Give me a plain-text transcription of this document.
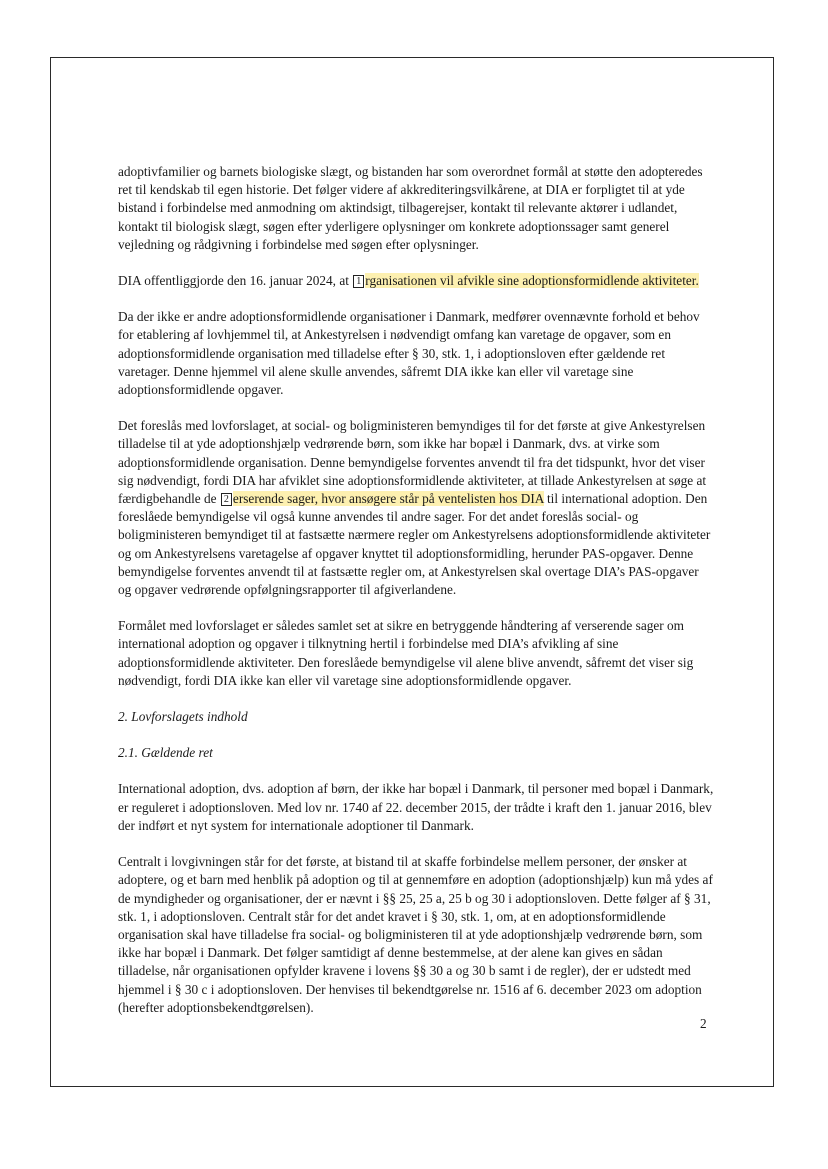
adoptivfamilier og barnets biologiske slægt, og bistanden har som overordnet formål at støtte den adopteredes ret til kendskab til egen historie. Det følger videre af akkrediteringsvilkårene, at DIA er forpligtet til at yde bistand i forbindelse med anmodning om aktindsigt, tilbagerejser, kontakt til relevante aktører i udlandet, kontakt til biologisk slægt, søgen efter yderligere oplysninger om konkrete adoptionssager samt generel vejledning og rådgivning i forbindelse med søgen efter oplysninger.

DIA offentliggjorde den 16. januar 2024, at 1 rganisationen vil afvikle sine adoptionsformidlende aktiviteter.

Da der ikke er andre adoptionsformidlende organisationer i Danmark, medfører ovennævnte forhold et behov for etablering af lovhjemmel til, at Ankestyrelsen i nødvendigt omfang kan varetage de opgaver, som en adoptionsformidlende organisation med tilladelse efter § 30, stk. 1, i adoptionsloven efter gældende ret varetager. Denne hjemmel vil alene skulle anvendes, såfremt DIA ikke kan eller vil varetage sine adoptionsformidlende opgaver.

Det foreslås med lovforslaget, at social- og boligministeren bemyndiges til for det første at give Ankestyrelsen tilladelse til at yde adoptionshjælp vedrørende børn, som ikke har bopæl i Danmark, dvs. at virke som adoptionsformidlende organisation. Denne bemyndigelse forventes anvendt til fra det tidspunkt, hvor det viser sig nødvendigt, fordi DIA har afviklet sine adoptionsformidlende aktiviteter, at tillade Ankestyrelsen at søge at færdigbehandle de 2 erserende sager, hvor ansøgere står på ventelisten hos DIA til international adoption. Den foreslåede bemyndigelse vil også kunne anvendes til andre sager. For det andet foreslås social- og boligministeren bemyndiget til at fastsætte nærmere regler om Ankestyrelsens adoptionsformidlende aktiviteter og om Ankestyrelsens varetagelse af opgaver knyttet til adoptionsformidling, herunder PAS-opgaver. Denne bemyndigelse forventes anvendt til at fastsætte regler om, at Ankestyrelsen skal overtage DIA’s PAS-opgaver og opgaver vedrørende opfølgningsrapporter til afgiverlandene.

Formålet med lovforslaget er således samlet set at sikre en betryggende håndtering af verserende sager om international adoption og opgaver i tilknytning hertil i forbindelse med DIA’s afvikling af sine adoptionsformidlende aktiviteter. Den foreslåede bemyndigelse vil alene blive anvendt, såfremt det viser sig nødvendigt, fordi DIA ikke kan eller vil varetage sine adoptionsformidlende opgaver.

2. Lovforslagets indhold

2.1. Gældende ret

International adoption, dvs. adoption af børn, der ikke har bopæl i Danmark, til personer med bopæl i Danmark, er reguleret i adoptionsloven. Med lov nr. 1740 af 22. december 2015, der trådte i kraft den 1. januar 2016, blev der indført et nyt system for internationale adoptioner til Danmark.

Centralt i lovgivningen står for det første, at bistand til at skaffe forbindelse mellem personer, der ønsker at adoptere, og et barn med henblik på adoption og til at gennemføre en adoption (adoptionshjælp) kun må ydes af de myndigheder og organisationer, der er nævnt i §§ 25, 25 a, 25 b og 30 i adoptionsloven. Dette følger af § 31, stk. 1, i adoptionsloven. Centralt står for det andet kravet i § 30, stk. 1, om, at en adoptionsformidlende organisation skal have tilladelse fra social- og boligministeren til at yde adoptionshjælp vedrørende børn, som ikke har bopæl i Danmark. Det følger samtidigt af denne bestemmelse, at der alene kan gives en sådan tilladelse, når organisationen opfylder kravene i lovens §§ 30 a og 30 b samt i de regler), der er udstedt med hjemmel i § 30 c i adoptionsloven. Der henvises til bekendtgørelse nr. 1516 af 6. december 2023 om adoption (herefter adoptionsbekendtgørelsen).

2
